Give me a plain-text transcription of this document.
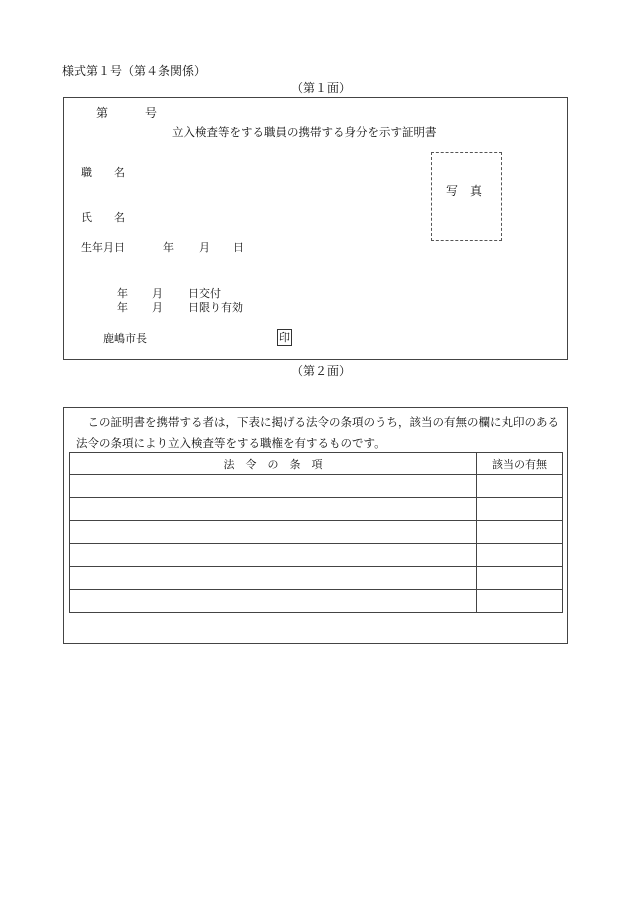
様式第１号（第４条関係）
（第１面）
第	号
立入検査等をする職員の携帯する身分を示す証明書
職　　名
氏　　名
生年月日	年 月 日
写　真
年 月 日交付
年 月 日限り有効
鹿嶋市長	印
（第２面）
この証明書を携帯する者は，下表に掲げる法令の条項のうち，該当の有無の欄に丸印のある法令の条項により立入検査等をする職権を有するものです。
法　令　の　条　項	該当の有無
